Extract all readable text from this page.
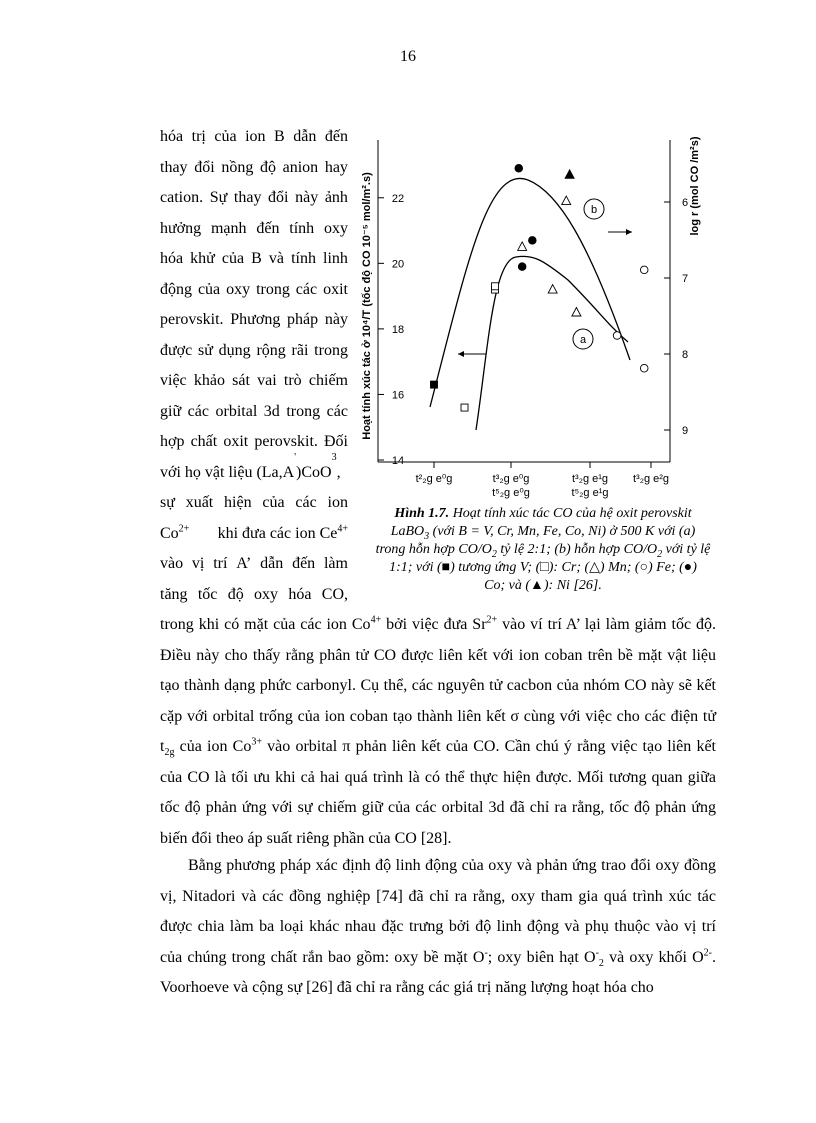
16
hóa trị của ion B dẫn đến
thay đổi nồng độ anion hay
cation. Sự thay đổi này ảnh
hưởng mạnh đến tính oxy
hóa khử của B và tính linh
động của oxy trong các oxit
perovskit. Phương pháp này
được sử dụng rộng rãi trong
việc khảo sát vai trò chiếm
giữ các orbital 3d trong các
hợp chất oxit perovskit. Đối
với họ vật liệu (La,A
'
)CoO
3
,
sự xuất hiện của các ion
$Co^{2+}$ khi đưa các ion $Ce^{4+}$
vào vị trí A’ dẫn đến làm
tăng tốc độ oxy hóa CO,
14
16
18
20
22	6
7
8
9
t²₂g e⁰g	t³₂g e⁰g
t⁵₂g e⁰g
t³₂g e¹g
t⁵₂g e¹g
t³₂g e²g
Hoạt tính xúc tác ở 10⁴/T (tốc độ CO 10⁻⁵ mol/m².s)	log r (mol CO /m²s)
b
a
Hình 1.7. Hoạt tính xúc tác CO của hệ oxit perovskit
LaBO$_3$ (với B = V, Cr, Mn, Fe, Co, Ni) ở 500 K với (a)
trong hỗn hợp $CO/O_2$ tỷ lệ 2:1; (b) hỗn hợp $CO/O_2$ với tỷ lệ
1:1; với (■) tương ứng V; (□): Cr; (△) Mn; (○) Fe; (●)
Co; và (▲): Ni [26].

trong khi có mặt của các ion $Co^{4+}$ bởi việc đưa $Sr^{2+}$ vào ví trí A’ lại làm giảm tốc độ. Điều này cho thấy rằng phân tử CO được liên kết với ion coban trên bề mặt vật liệu tạo thành dạng phức carbonyl. Cụ thể, các nguyên tử cacbon của nhóm CO này sẽ kết cặp với orbital trống của ion coban tạo thành liên kết σ cùng với việc cho các điện tử $t_{2g}$ của ion $Co^{3+}$ vào orbital π phản liên kết của CO. Cần chú ý rằng việc tạo liên kết của CO là tối ưu khi cả hai quá trình là có thể thực hiện được. Mối tương quan giữa tốc độ phản ứng với sự chiếm giữ của các orbital 3d đã chỉ ra rằng, tốc độ phản ứng biến đổi theo áp suất riêng phần của CO [28].

Bằng phương pháp xác định độ linh động của oxy và phản ứng trao đổi oxy đồng vị, Nitadori và các đồng nghiệp [74] đã chỉ ra rằng, oxy tham gia quá trình xúc tác được chia làm ba loại khác nhau đặc trưng bởi độ linh động và phụ thuộc vào vị trí của chúng trong chất rắn bao gồm: oxy bề mặt O-; oxy biên hạt $O^-_2$ và oxy khối $O^{2-}$. Voorhoeve và cộng sự [26] đã chỉ ra rằng các giá trị năng lượng hoạt hóa cho
